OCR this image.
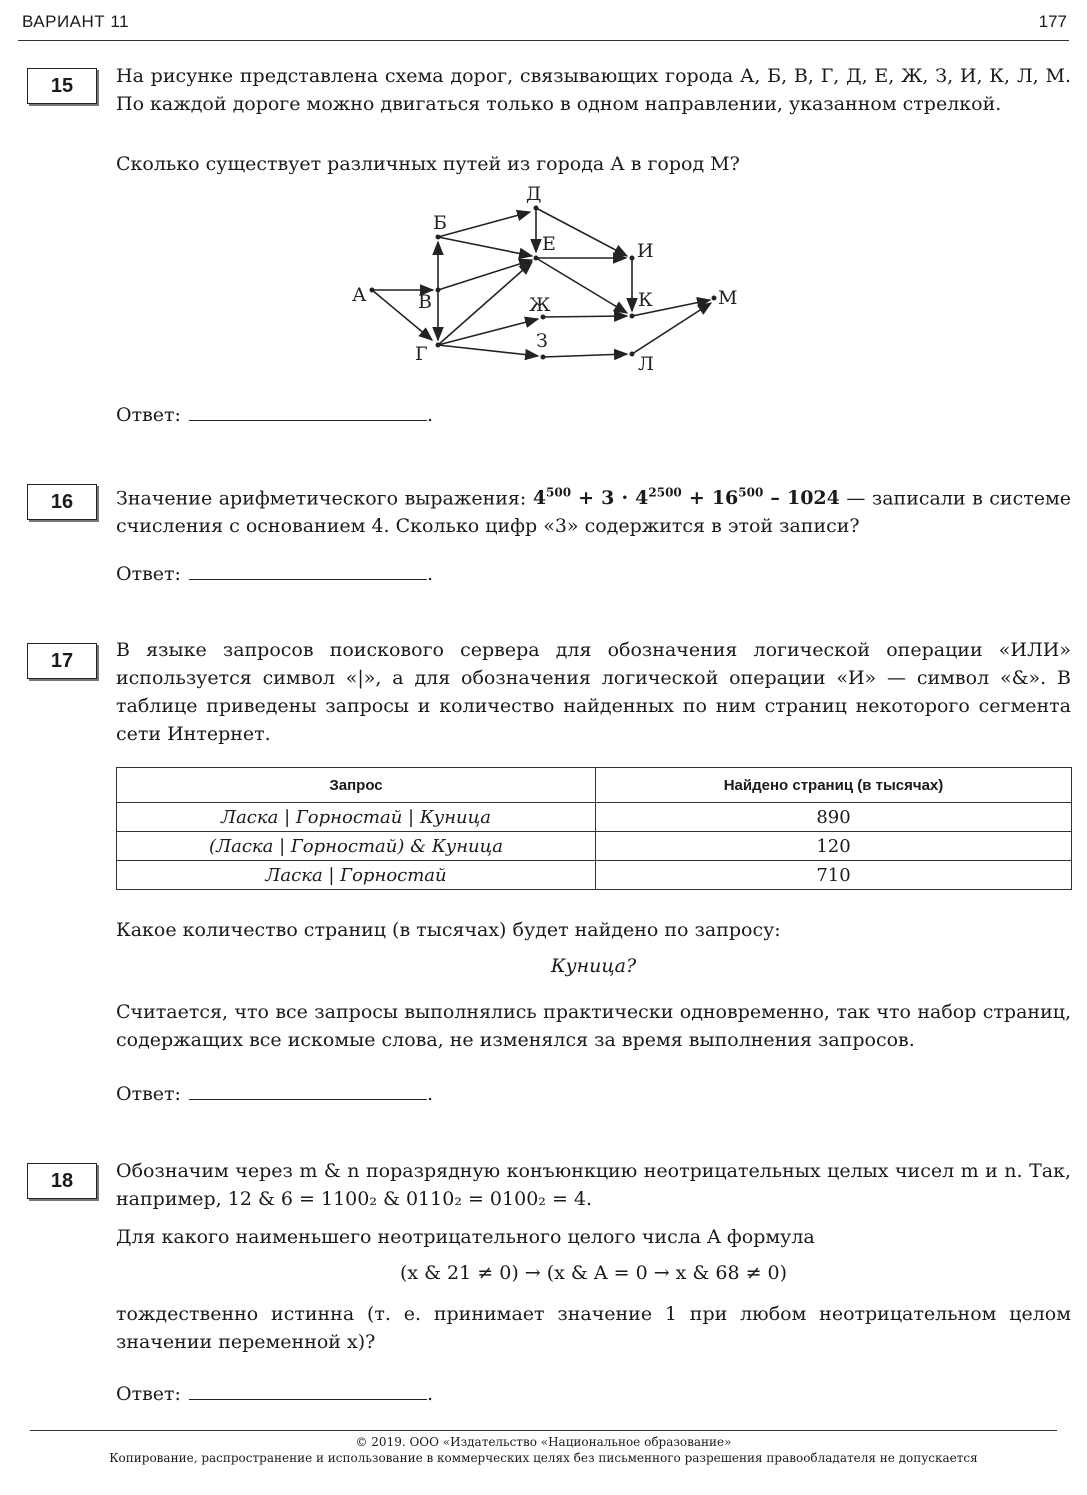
ВАРИАНТ 11	177
15	На рисунке представлена схема дорог, связывающих города А, Б, В, Г, Д, Е, Ж, З, И, К, Л, М. По каждой дороге можно двигаться только в одном направлении, указанном стрелкой.
Сколько существует различных путей из города А в город М?
А
Б
В
Г
Д
Е
Ж
З
И
К
Л
М
Ответ:	.
16	Значение арифметического выражения: $4^{500} + 3 \cdot 4^{2500} + 16^{500} - 1024$ — записали в системе счисления с основанием 4. Сколько цифр «3» содержится в этой записи?
Ответ:	.
17	В языке запросов поискового сервера для обозначения логической операции «ИЛИ» используется символ «|», а для обозначения логической операции «И» — символ «&». В таблице приведены запросы и количество найденных по ним страниц некоторого сегмента сети Интернет.
Запрос	Найдено страниц (в тысячах)
Ласка | Горностай | Куница	890
(Ласка | Горностай) & Куница	120
Ласка | Горностай	710
Какое количество страниц (в тысячах) будет найдено по запросу:
Куница?
Считается, что все запросы выполнялись практически одновременно, так что набор страниц, содержащих все искомые слова, не изменялся за время выполнения запросов.
Ответ:	.
18	Обозначим через m & n поразрядную конъюнкцию неотрицательных целых чисел m и n. Так, например, 12 & 6 = 1100₂ & 0110₂ = 0100₂ = 4.
Для какого наименьшего неотрицательного целого числа A формула
(x & 21 ≠ 0) → (x & A = 0 → x & 68 ≠ 0)
тождественно истинна (т. е. принимает значение 1 при любом неотрицательном целом значении переменной x)?
Ответ:	.
© 2019. ООО «Издательство «Национальное образование»
Копирование, распространение и использование в коммерческих целях без письменного разрешения правообладателя не допускается
